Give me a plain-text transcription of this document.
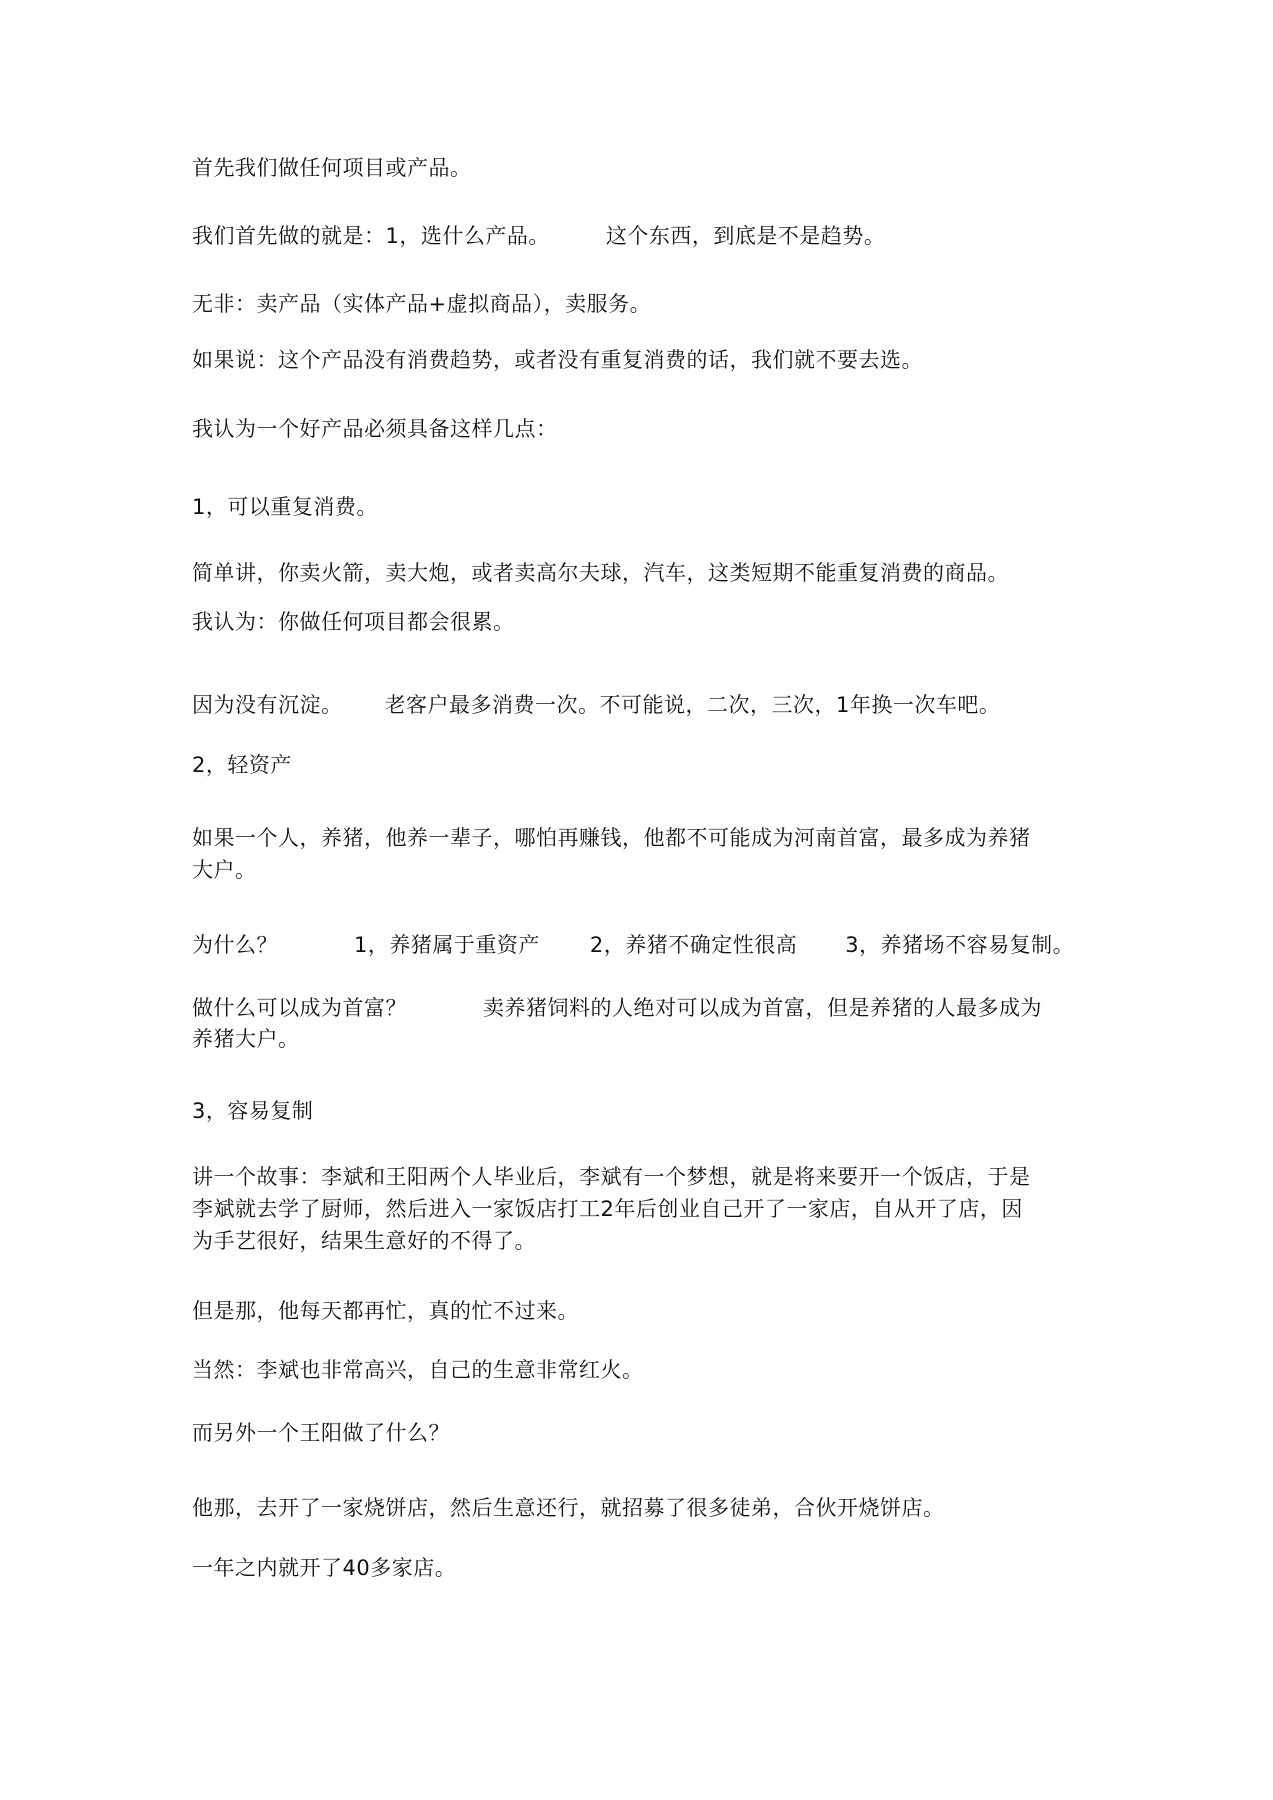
首先我们做任何项目或产品。
我们首先做的就是：1，选什么产品。	这个东西，到底是不是趋势。
无非：卖产品（实体产品+虚拟商品），卖服务。
如果说：这个产品没有消费趋势，或者没有重复消费的话，我们就不要去选。
我认为一个好产品必须具备这样几点：
1，可以重复消费。
简单讲，你卖火箭，卖大炮，或者卖高尔夫球，汽车，这类短期不能重复消费的商品。
我认为：你做任何项目都会很累。
因为没有沉淀。 老客户最多消费一次。不可能说，二次，三次，1年换一次车吧。
2，轻资产
如果一个人，养猪，他养一辈子，哪怕再赚钱，他都不可能成为河南首富，最多成为养猪
大户。
为什么？	1，养猪属于重资产 2，养猪不确定性很高 3，养猪场不容易复制。
做什么可以成为首富？	卖养猪饲料的人绝对可以成为首富，但是养猪的人最多成为
养猪大户。
3，容易复制
讲一个故事：李斌和王阳两个人毕业后，李斌有一个梦想，就是将来要开一个饭店，于是
李斌就去学了厨师，然后进入一家饭店打工2年后创业自己开了一家店，自从开了店，因
为手艺很好，结果生意好的不得了。
但是那，他每天都再忙，真的忙不过来。
当然：李斌也非常高兴，自己的生意非常红火。
而另外一个王阳做了什么？
他那，去开了一家烧饼店，然后生意还行，就招募了很多徒弟，合伙开烧饼店。
一年之内就开了40多家店。
